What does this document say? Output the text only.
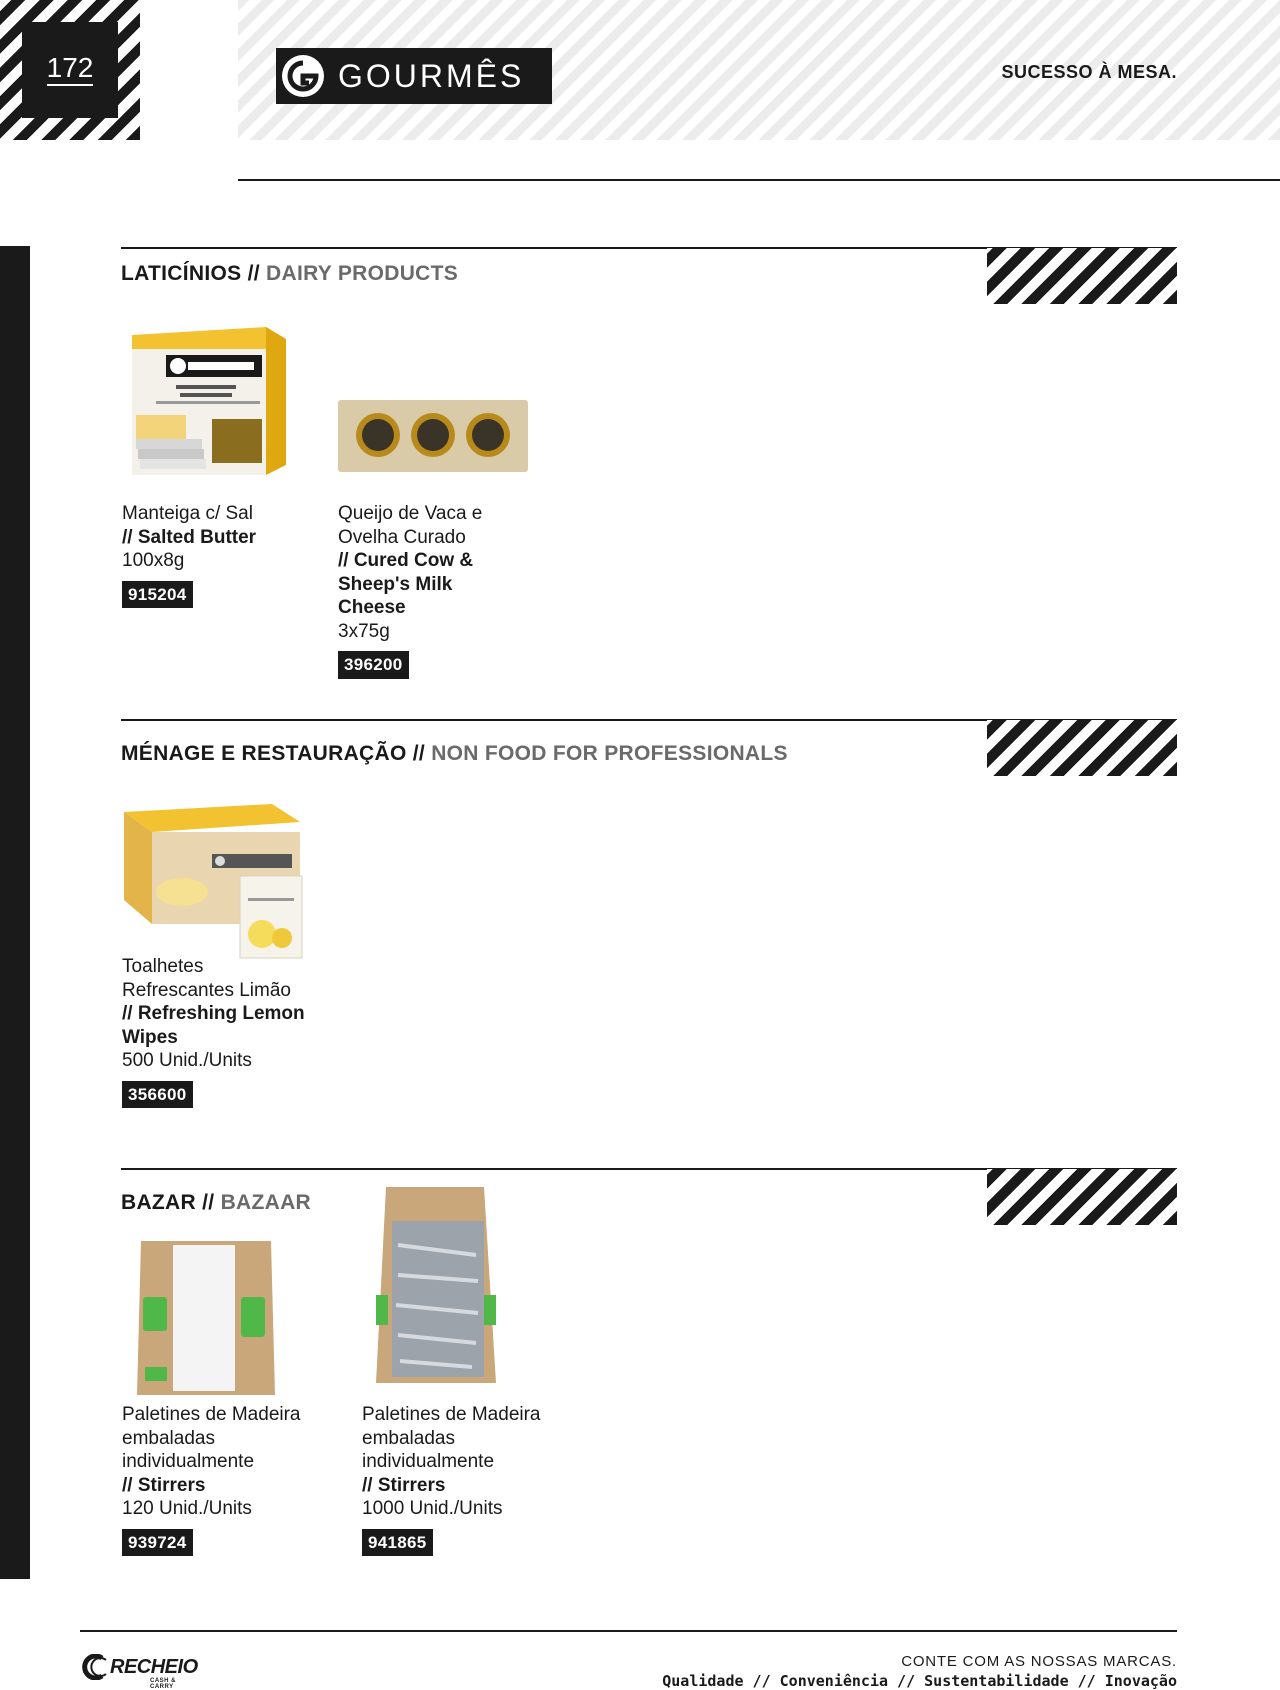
172	GOURMÊS	SUCESSO À MESA.
LATICÍNIOS // DAIRY PRODUCTS
Manteiga c/ Sal
// Salted Butter
100x8g
915204
Queijo de Vaca e Ovelha Curado
// Cured Cow & Sheep's Milk Cheese
3x75g
396200
MÉNAGE E RESTAURAÇÃO // NON FOOD FOR PROFESSIONALS
Toalhetes Refrescantes Limão
// Refreshing Lemon Wipes
500 Unid./Units
356600
BAZAR // BAZAAR
Paletines de Madeira embaladas individualmente
// Stirrers
120 Unid./Units
939724
Paletines de Madeira embaladas individualmente
// Stirrers
1000 Unid./Units
941865
RECHEIO
CASH & CARRY
CONTE COM AS NOSSAS MARCAS.
Qualidade // Conveniência // Sustentabilidade // Inovação
